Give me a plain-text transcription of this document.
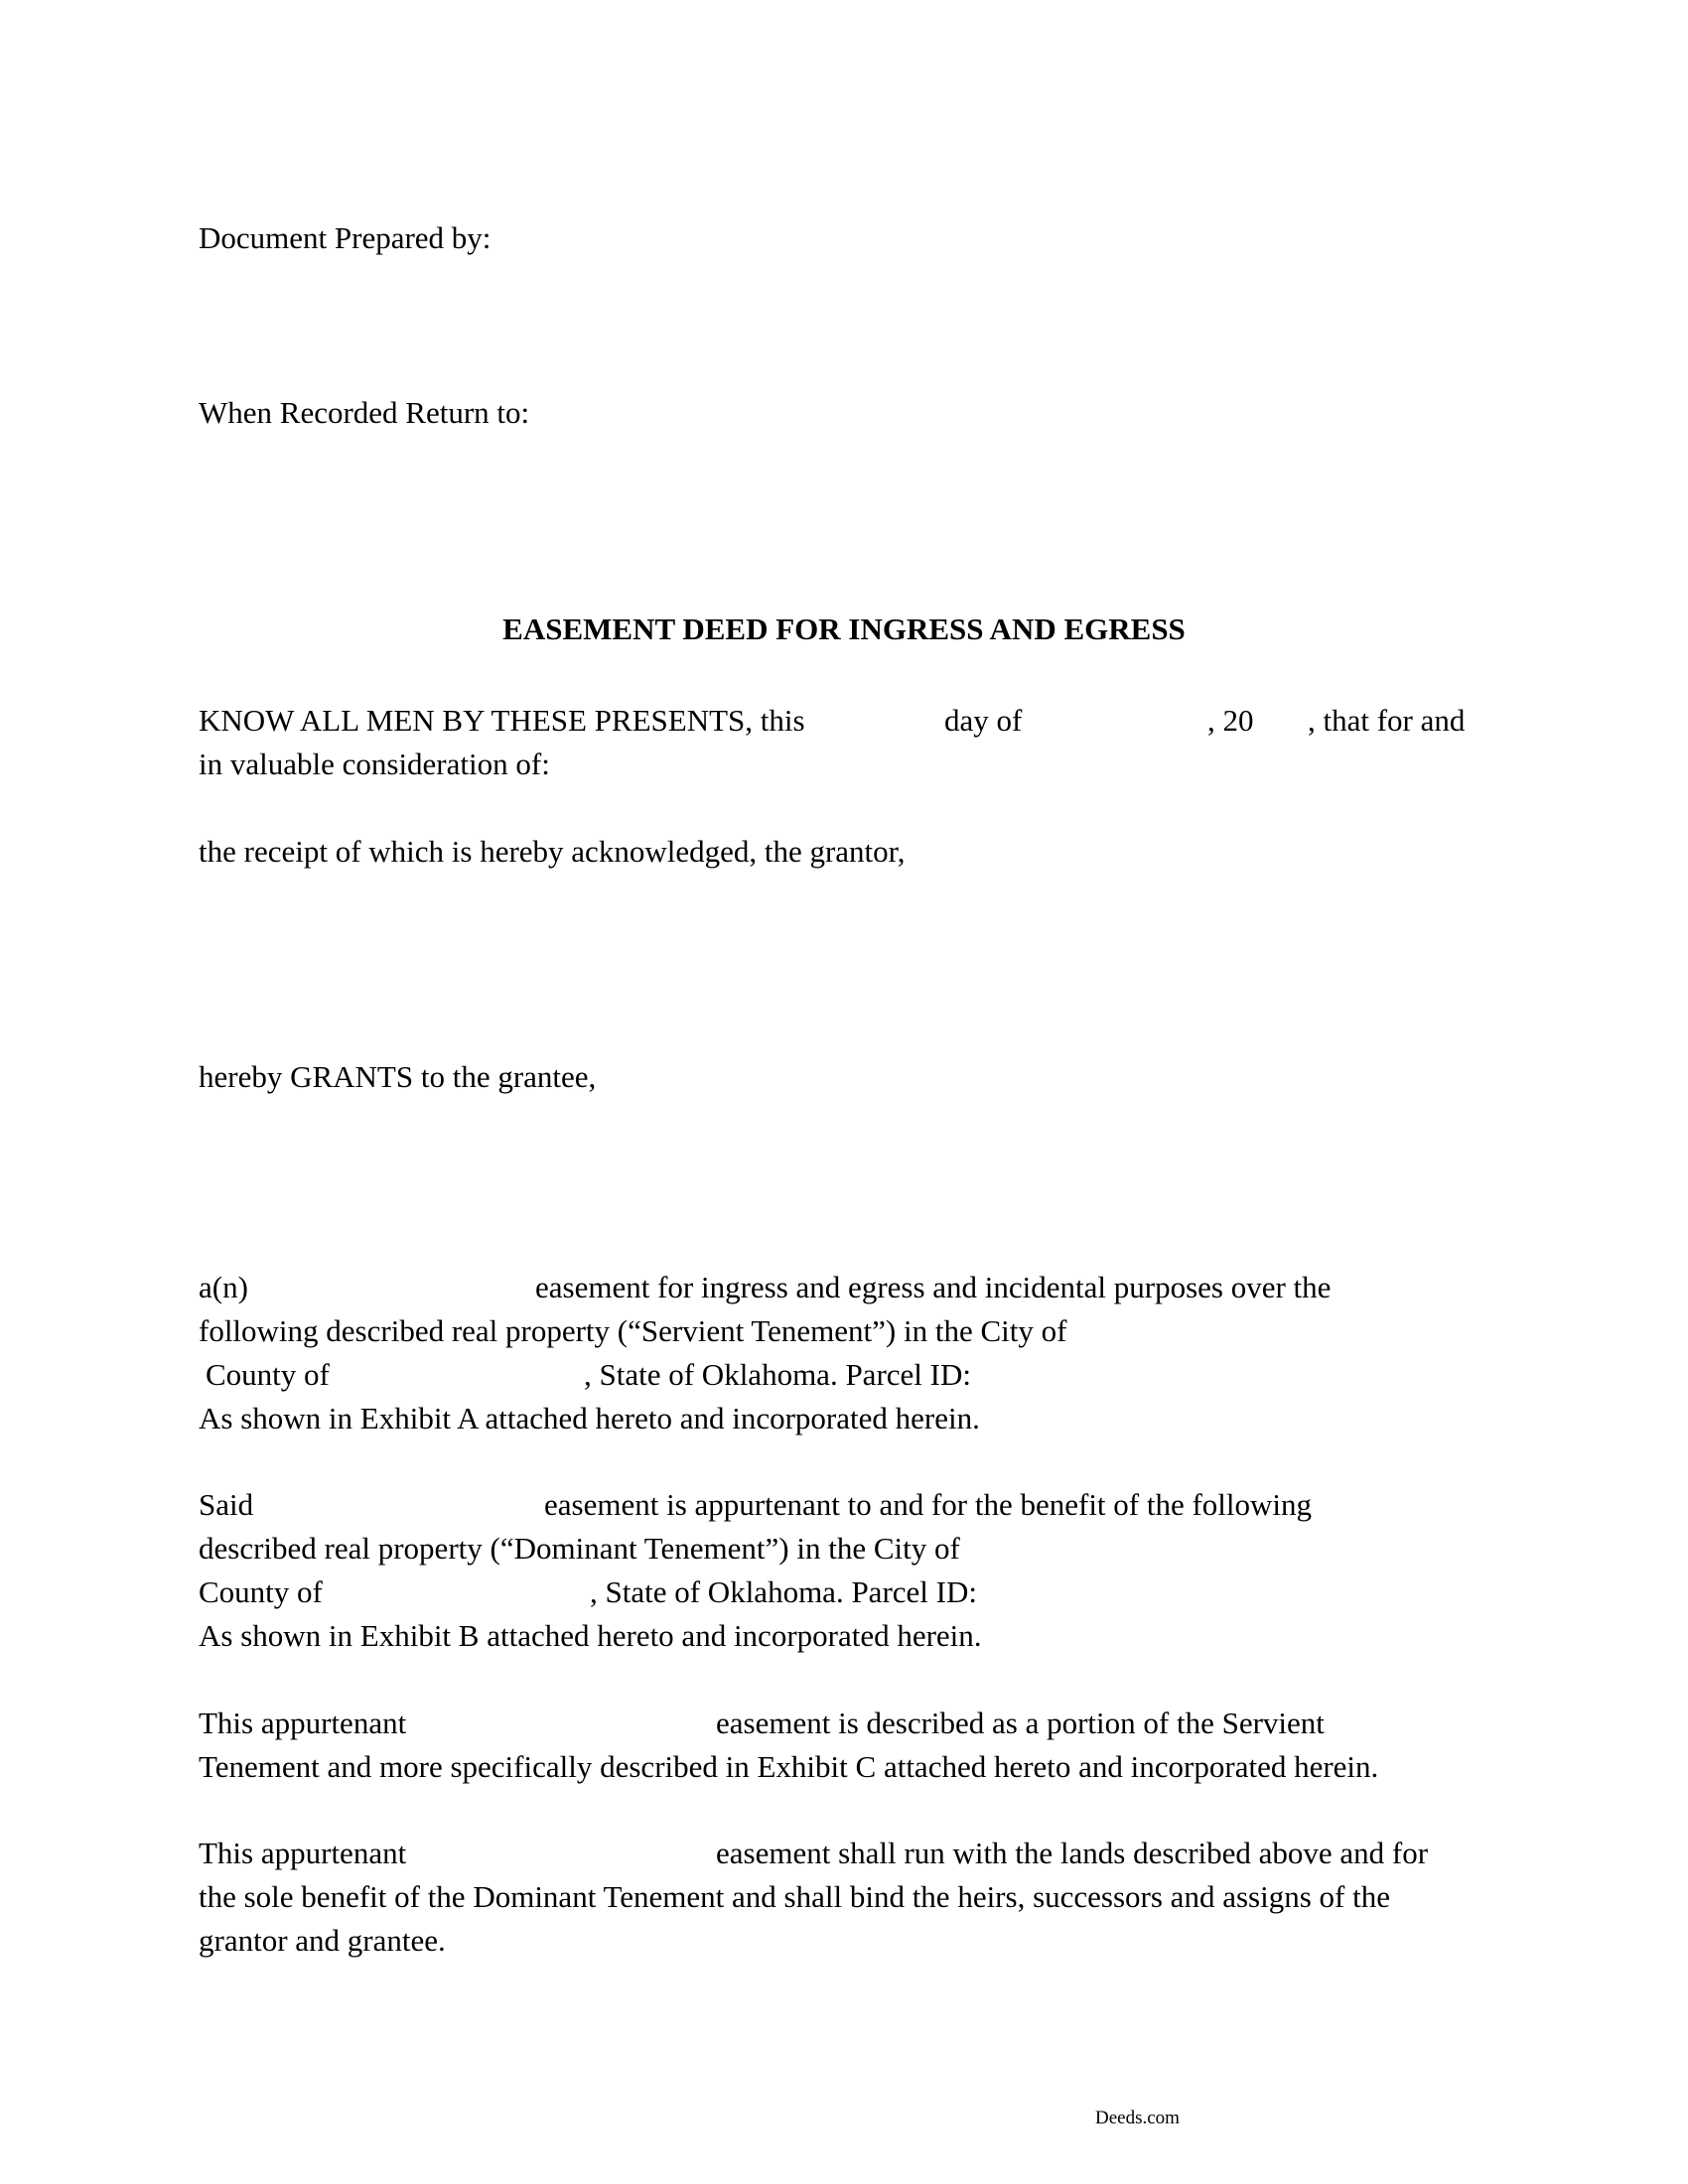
Document Prepared by:
When Recorded Return to:
EASEMENT DEED FOR INGRESS AND EGRESS
KNOW ALL MEN BY THESE PRESENTS, this	day of	, 20 , that for and
in valuable consideration of:
the receipt of which is hereby acknowledged, the grantor,
hereby GRANTS to the grantee,
a(n)	easement for ingress and egress and incidental purposes over the
following described real property (“Servient Tenement”) in the City of
County of	, State of Oklahoma. Parcel ID:
As shown in Exhibit A attached hereto and incorporated herein.
Said	easement is appurtenant to and for the benefit of the following
described real property (“Dominant Tenement”) in the City of
County of	, State of Oklahoma. Parcel ID:
As shown in Exhibit B attached hereto and incorporated herein.
This appurtenant	easement is described as a portion of the Servient
Tenement and more specifically described in Exhibit C attached hereto and incorporated herein.
This appurtenant	easement shall run with the lands described above and for
the sole benefit of the Dominant Tenement and shall bind the heirs, successors and assigns of the
grantor and grantee.
Deeds.com
